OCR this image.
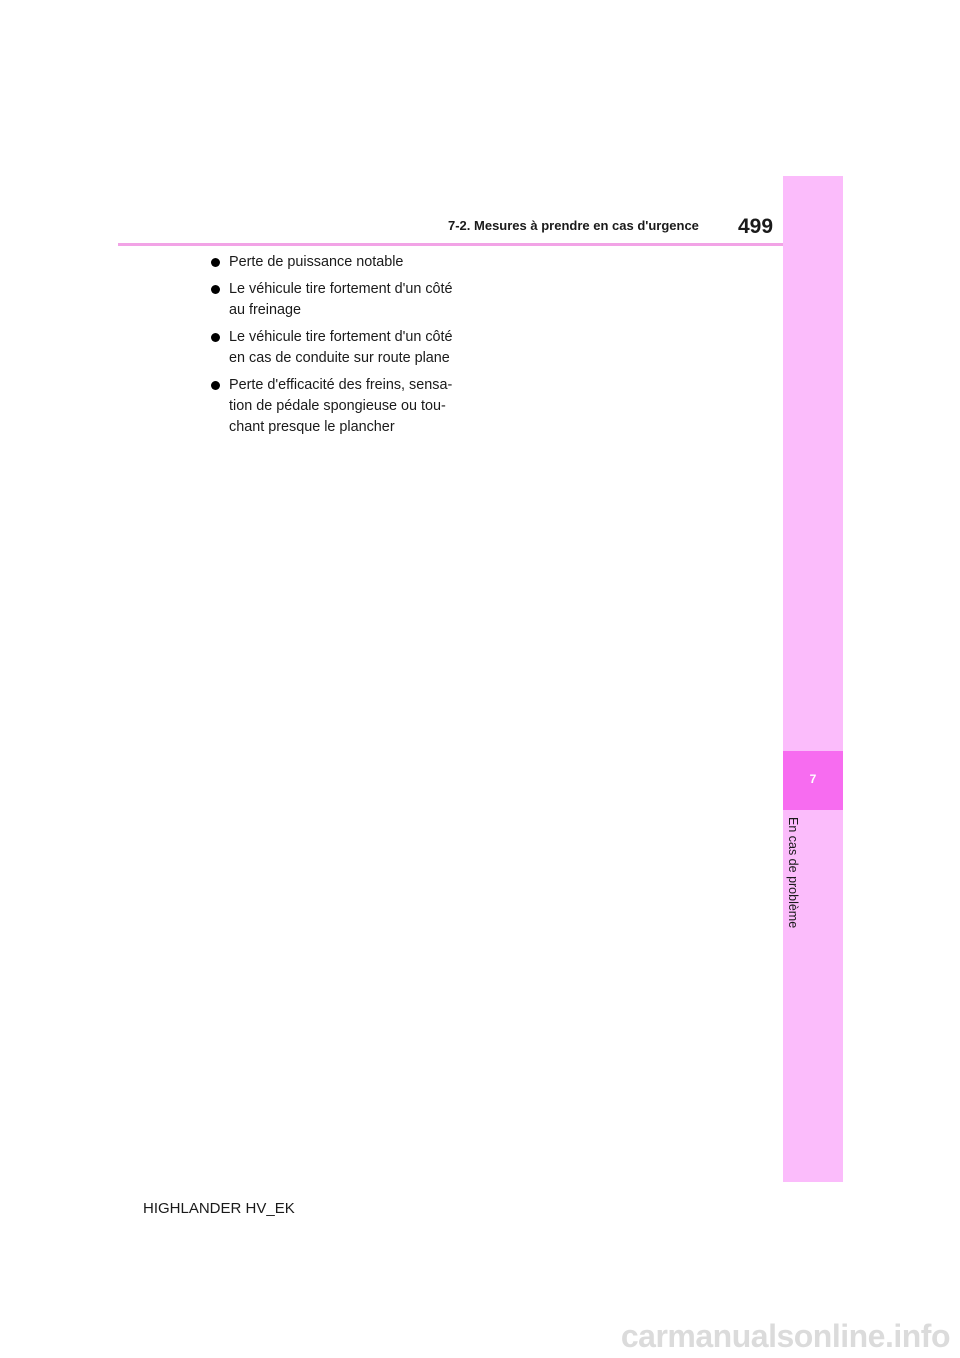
7
En cas de problème
7-2. Mesures à prendre en cas d'urgence 499
Perte de puissance notable
Le véhicule tire fortement d'un côté
au freinage
Le véhicule tire fortement d'un côté
en cas de conduite sur route plane
Perte d'efficacité des freins, sensa-
tion de pédale spongieuse ou tou-
chant presque le plancher
HIGHLANDER HV_EK
carmanualsonline.info
